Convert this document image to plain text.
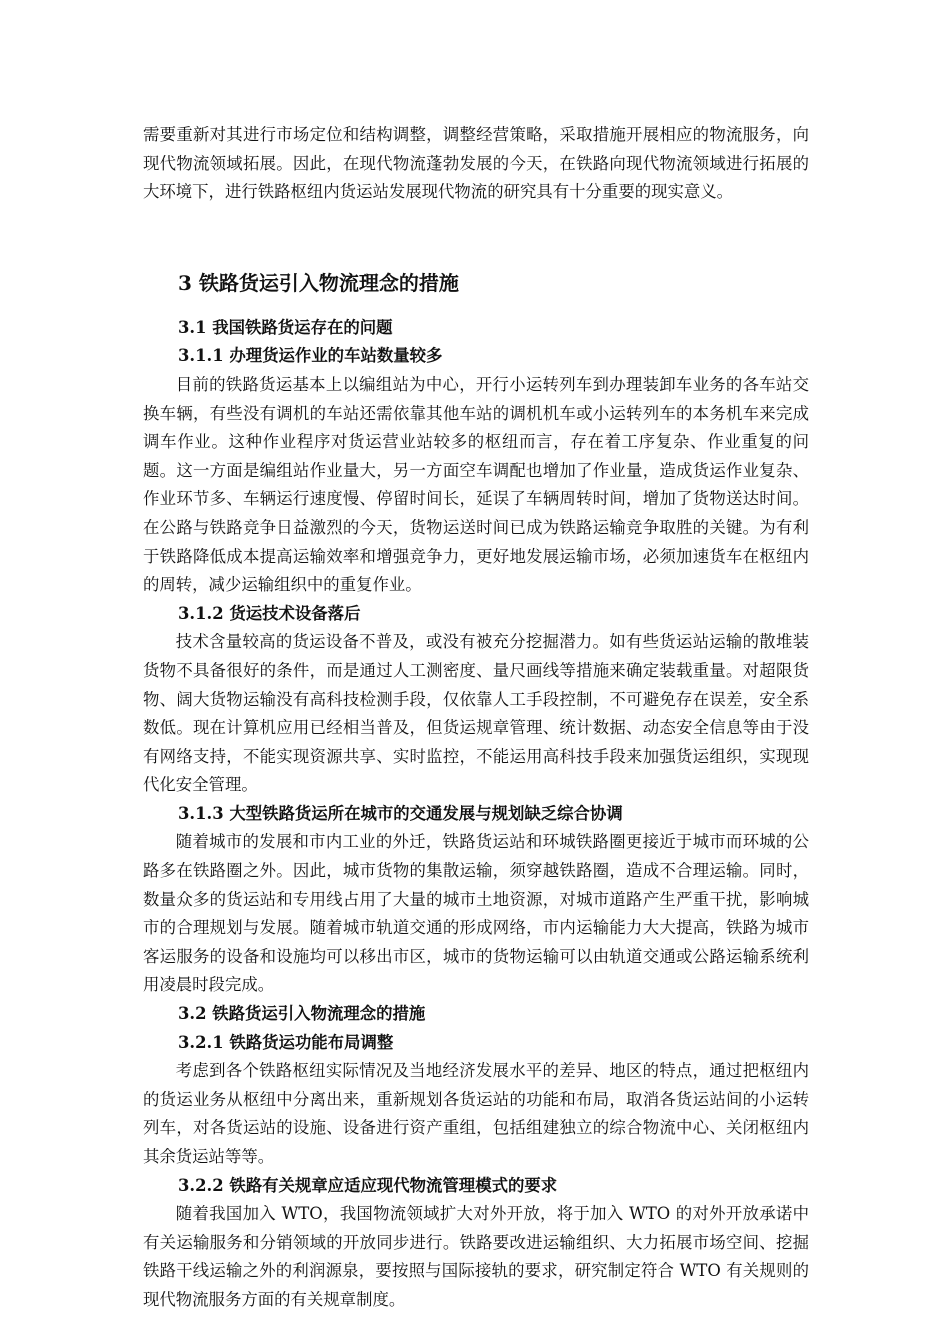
需要重新对其进行市场定位和结构调整，调整经营策略，采取措施开展相应的物流服务，向现代物流领域拓展。因此，在现代物流蓬勃发展的今天，在铁路向现代物流领域进行拓展的大环境下，进行铁路枢纽内货运站发展现代物流的研究具有十分重要的现实意义。

3 铁路货运引入物流理念的措施
3.1 我国铁路货运存在的问题
3.1.1 办理货运作业的车站数量较多

目前的铁路货运基本上以编组站为中心，开行小运转列车到办理装卸车业务的各车站交换车辆，有些没有调机的车站还需依靠其他车站的调机机车或小运转列车的本务机车来完成调车作业。这种作业程序对货运营业站较多的枢纽而言，存在着工序复杂、作业重复的问题。这一方面是编组站作业量大，另一方面空车调配也增加了作业量，造成货运作业复杂、作业环节多、车辆运行速度慢、停留时间长，延误了车辆周转时间，增加了货物送达时间。在公路与铁路竞争日益激烈的今天，货物运送时间已成为铁路运输竞争取胜的关键。为有利于铁路降低成本提高运输效率和增强竞争力，更好地发展运输市场，必须加速货车在枢纽内的周转，减少运输组织中的重复作业。

3.1.2 货运技术设备落后

技术含量较高的货运设备不普及，或没有被充分挖掘潜力。如有些货运站运输的散堆装货物不具备很好的条件，而是通过人工测密度、量尺画线等措施来确定装载重量。对超限货物、阔大货物运输没有高科技检测手段，仅依靠人工手段控制，不可避免存在误差，安全系数低。现在计算机应用已经相当普及，但货运规章管理、统计数据、动态安全信息等由于没有网络支持，不能实现资源共享、实时监控，不能运用高科技手段来加强货运组织，实现现代化安全管理。

3.1.3 大型铁路货运所在城市的交通发展与规划缺乏综合协调

随着城市的发展和市内工业的外迁，铁路货运站和环城铁路圈更接近于城市而环城的公路多在铁路圈之外。因此，城市货物的集散运输，须穿越铁路圈，造成不合理运输。同时，数量众多的货运站和专用线占用了大量的城市土地资源，对城市道路产生严重干扰，影响城市的合理规划与发展。随着城市轨道交通的形成网络，市内运输能力大大提高，铁路为城市客运服务的设备和设施均可以移出市区，城市的货物运输可以由轨道交通或公路运输系统利用凌晨时段完成。

3.2 铁路货运引入物流理念的措施
3.2.1 铁路货运功能布局调整

考虑到各个铁路枢纽实际情况及当地经济发展水平的差异、地区的特点，通过把枢纽内的货运业务从枢纽中分离出来，重新规划各货运站的功能和布局，取消各货运站间的小运转列车，对各货运站的设施、设备进行资产重组，包括组建独立的综合物流中心、关闭枢纽内其余货运站等等。

3.2.2 铁路有关规章应适应现代物流管理模式的要求

随着我国加入 WTO，我国物流领域扩大对外开放，将于加入 WTO 的对外开放承诺中有关运输服务和分销领域的开放同步进行。铁路要改进运输组织、大力拓展市场空间、挖掘铁路干线运输之外的利润源泉，要按照与国际接轨的要求，研究制定符合 WTO 有关规则的现代物流服务方面的有关规章制度。
